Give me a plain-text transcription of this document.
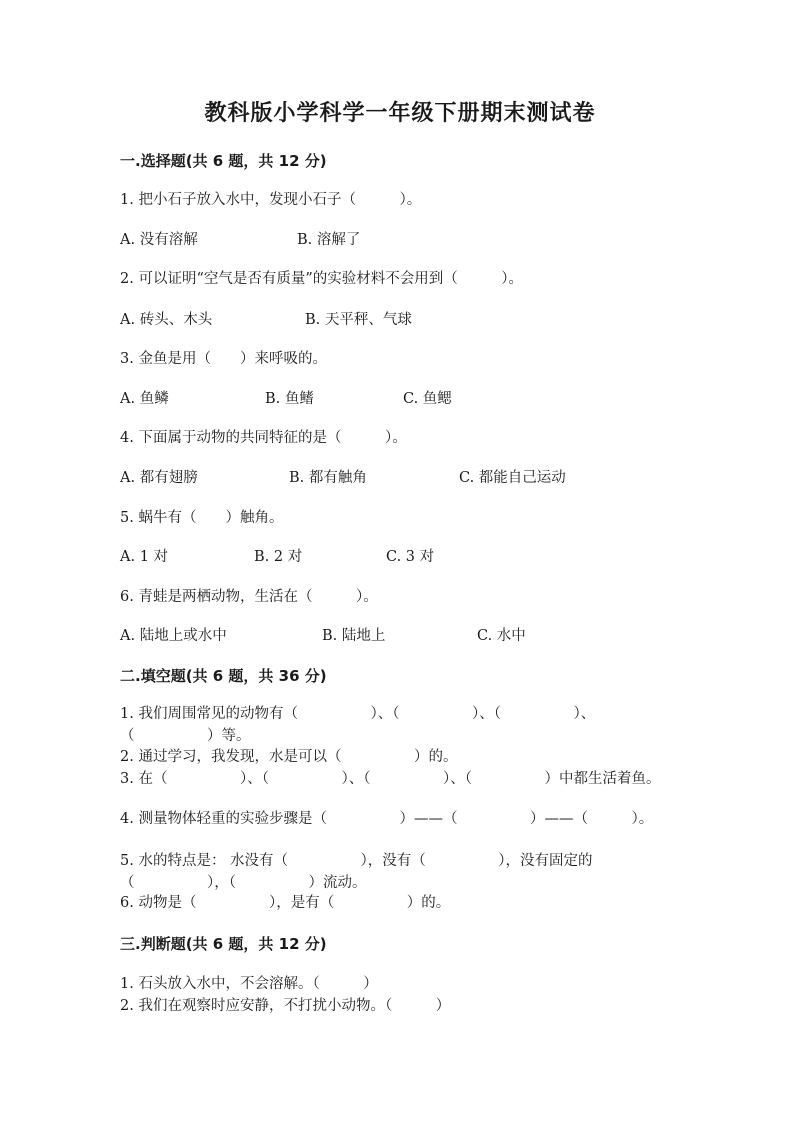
教科版小学科学一年级下册期末测试卷
一.选择题(共 6 题，共 12 分)
1. 把小石子放入水中，发现小石子（　　　）。
A. 没有溶解	B. 溶解了
2. 可以证明“空气是否有质量”的实验材料不会用到（　　　）。
A. 砖头、木头	B. 天平秤、气球
3. 金鱼是用（　　）来呼吸的。
A. 鱼鳞	B. 鱼鳍	C. 鱼鳃
4. 下面属于动物的共同特征的是（　　　）。
A. 都有翅膀	B. 都有触角	C. 都能自己运动
5. 蜗牛有（　　）触角。
A. 1 对	B. 2 对	C. 3 对
6. 青蛙是两栖动物，生活在（　　　）。
A. 陆地上或水中	B. 陆地上	C. 水中
二.填空题(共 6 题，共 36 分)
1. 我们周围常见的动物有（　　　　　）、（　　　　　）、（　　　　　）、（　　　　　）等。
2. 通过学习，我发现，水是可以（　　　　　）的。
3. 在（　　　　　）、（　　　　　）、（　　　　　）、（　　　　　）中都生活着鱼。
4. 测量物体轻重的实验步骤是（　　　　　）——（　　　　　）——（　　　）。
5. 水的特点是： 水没有（　　　　　），没有（　　　　　），没有固定的（　　　　　），（　　　　　）流动。
6. 动物是（　　　　　），是有（　　　　　）的。
三.判断题(共 6 题，共 12 分)
1. 石头放入水中，不会溶解。（　　　）
2. 我们在观察时应安静，不打扰小动物。（　　　）
